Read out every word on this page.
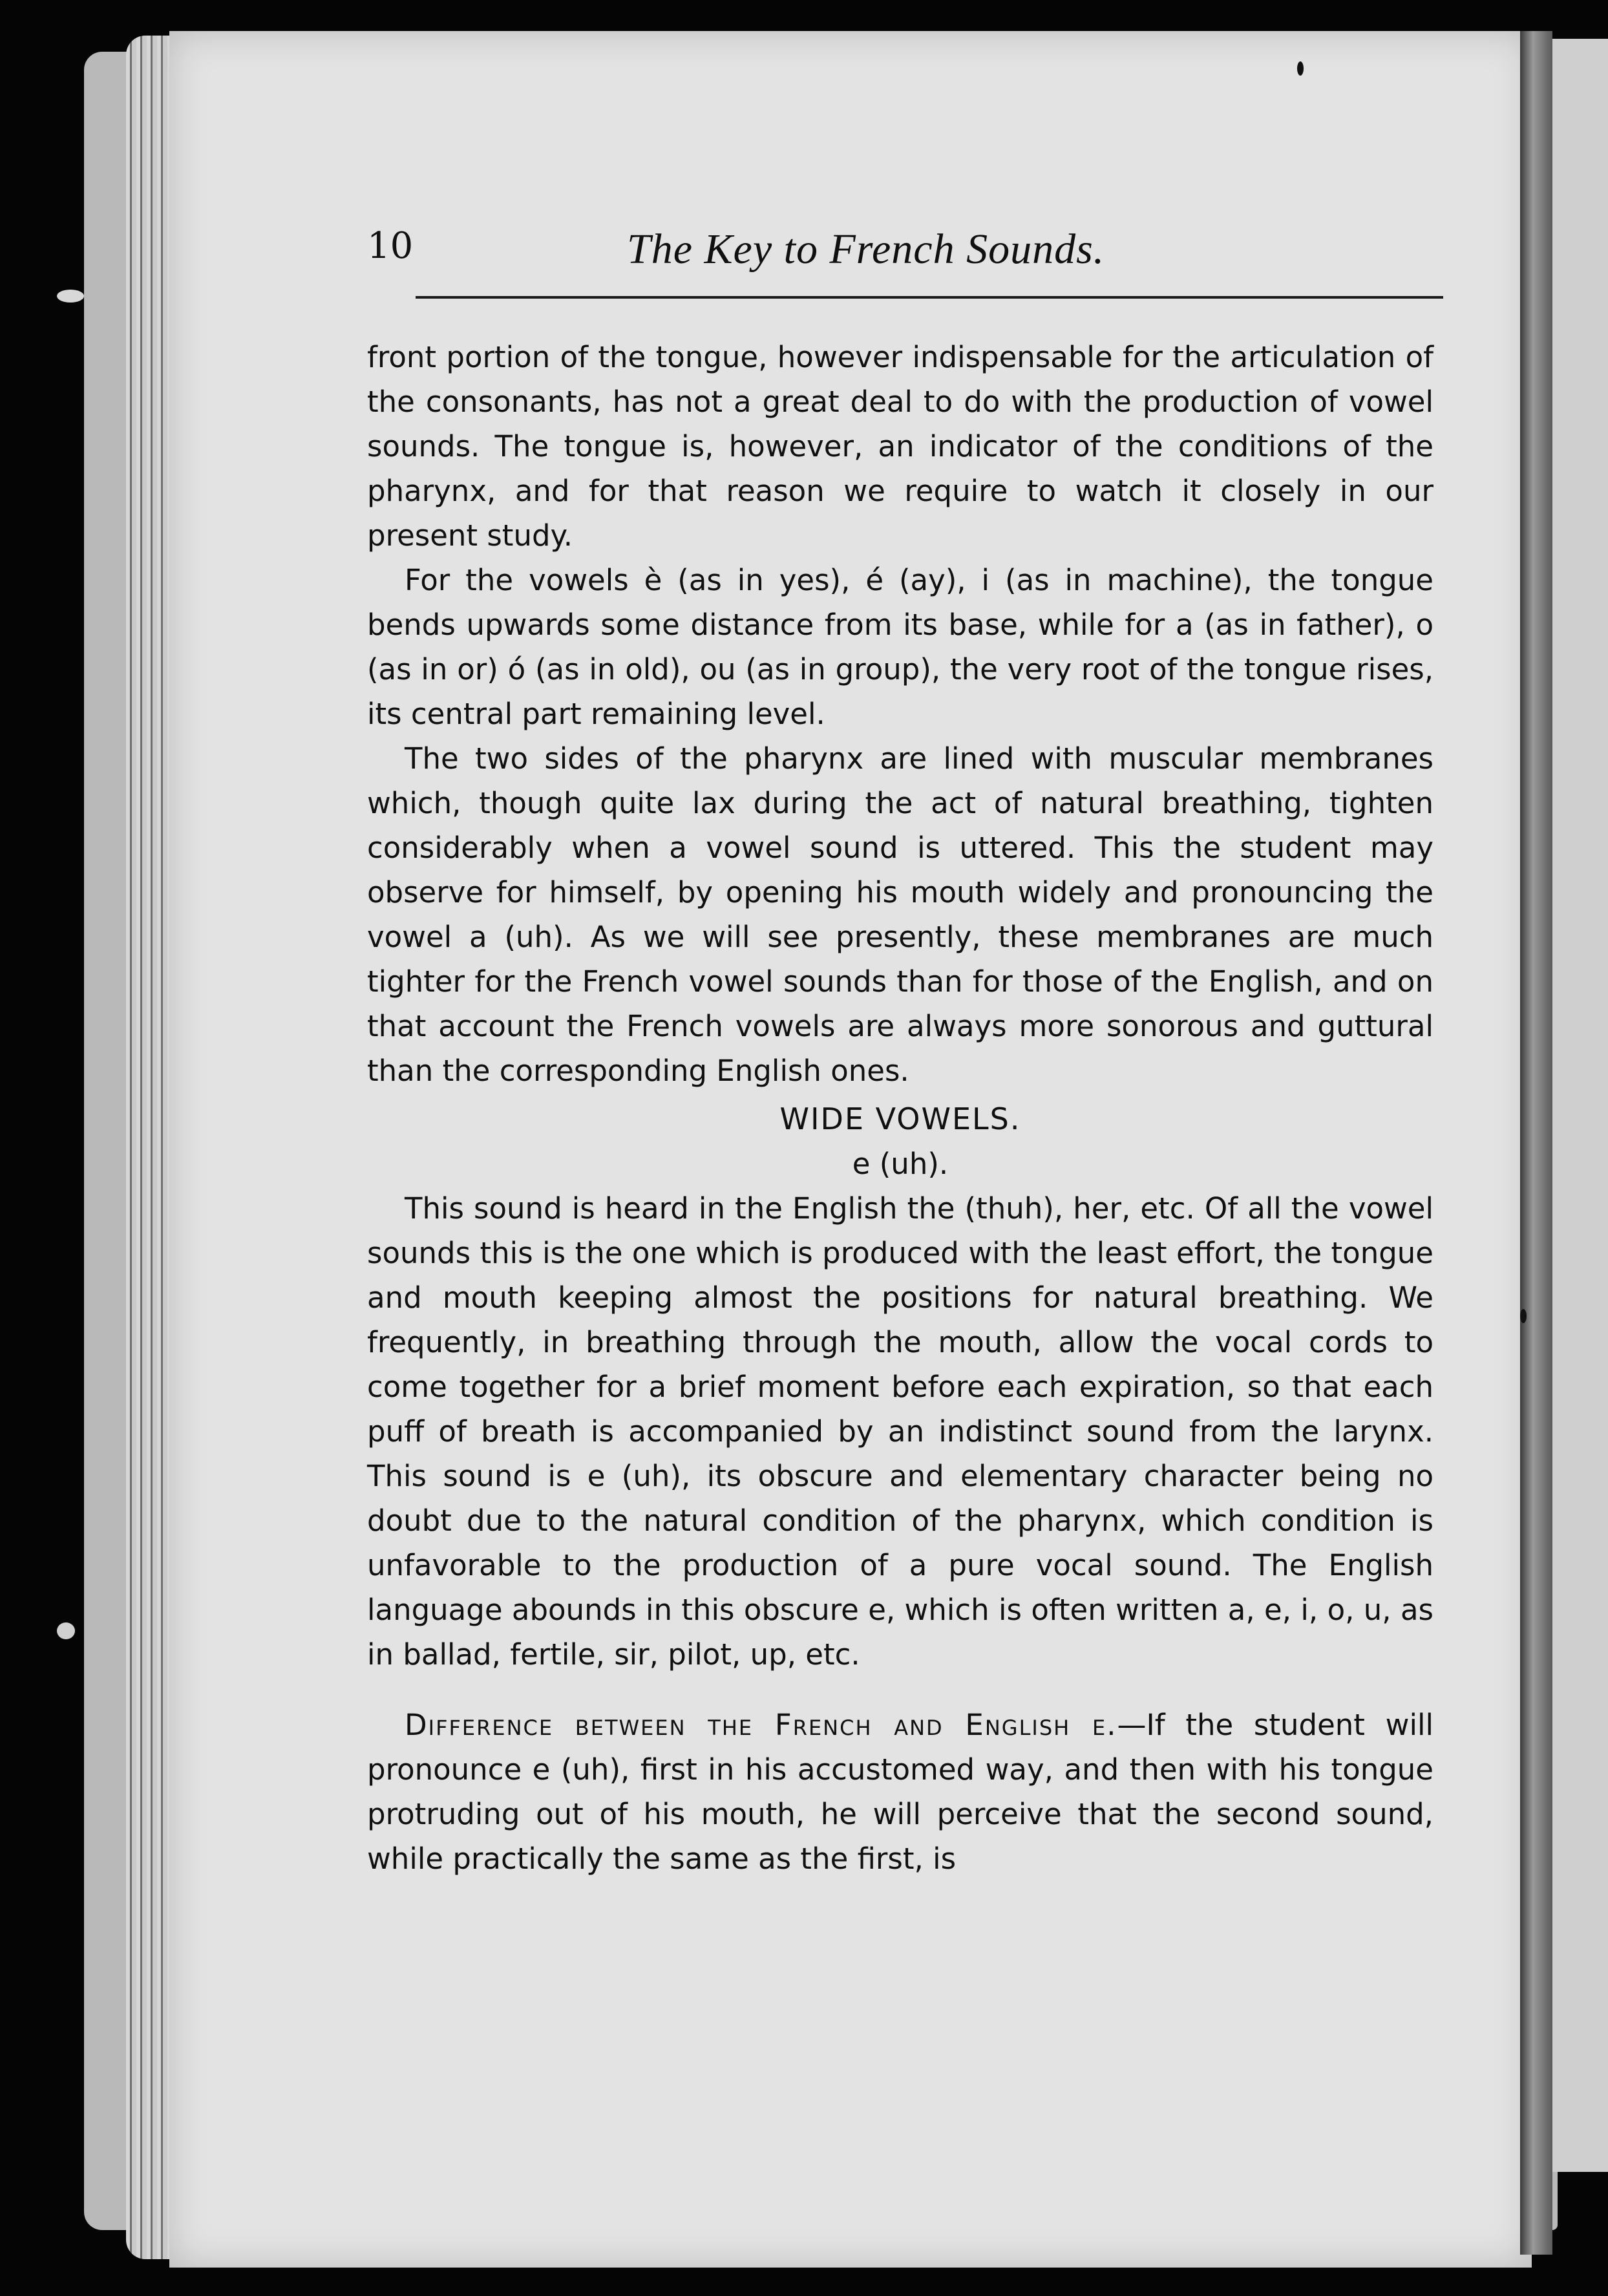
10	The Key to French Sounds.

front portion of the tongue, however indispensable for the articulation of the consonants, has not a great deal to do with the production of vowel sounds. The tongue is, however, an indicator of the conditions of the pharynx, and for that reason we require to watch it closely in our present study.

For the vowels è (as in yes), é (ay), i (as in machine), the tongue bends upwards some distance from its base, while for a (as in father), o (as in or) ó (as in old), ou (as in group), the very root of the tongue rises, its central part remaining level.

The two sides of the pharynx are lined with muscular membranes which, though quite lax during the act of natural breathing, tighten considerably when a vowel sound is uttered. This the student may observe for himself, by opening his mouth widely and pronouncing the vowel a (uh). As we will see presently, these membranes are much tighter for the French vowel sounds than for those of the English, and on that account the French vowels are always more sonorous and guttural than the corresponding English ones.

WIDE VOWELS.

e (uh).

This sound is heard in the English the (thuh), her, etc. Of all the vowel sounds this is the one which is produced with the least effort, the tongue and mouth keeping almost the positions for natural breathing. We frequently, in breathing through the mouth, allow the vocal cords to come together for a brief moment before each expiration, so that each puff of breath is accompanied by an indistinct sound from the larynx. This sound is e (uh), its obscure and elementary character being no doubt due to the natural condition of the pharynx, which condition is unfavorable to the production of a pure vocal sound. The English language abounds in this obscure e, which is often written a, e, i, o, u, as in ballad, fertile, sir, pilot, up, etc.

Difference between the French and English e.—If the student will pronounce e (uh), first in his accustomed way, and then with his tongue protruding out of his mouth, he will perceive that the second sound, while practically the same as the first, is
